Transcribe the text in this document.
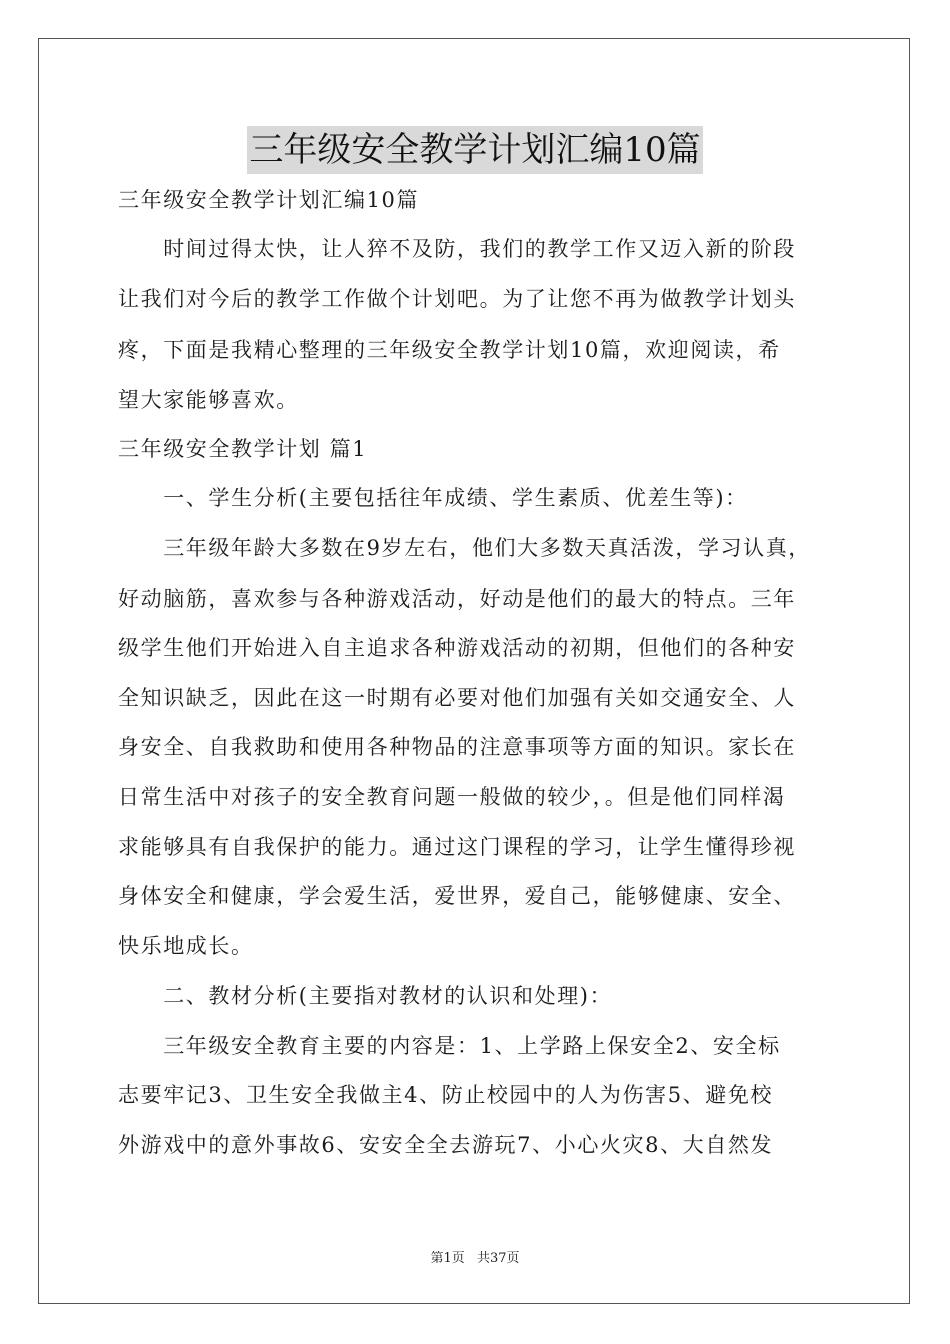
三年级安全教学计划汇编10篇
三年级安全教学计划汇编10篇
　　时间过得太快，让人猝不及防，我们的教学工作又迈入新的阶段
让我们对今后的教学工作做个计划吧。为了让您不再为做教学计划头
疼，下面是我精心整理的三年级安全教学计划10篇，欢迎阅读，希
望大家能够喜欢。
三年级安全教学计划 篇1
　　一、学生分析(主要包括往年成绩、学生素质、优差生等)：
　　三年级年龄大多数在9岁左右，他们大多数天真活泼，学习认真，
好动脑筋，喜欢参与各种游戏活动，好动是他们的最大的特点。三年
级学生他们开始进入自主追求各种游戏活动的初期，但他们的各种安
全知识缺乏，因此在这一时期有必要对他们加强有关如交通安全、人
身安全、自我救助和使用各种物品的注意事项等方面的知识。家长在
日常生活中对孩子的安全教育问题一般做的较少，。但是他们同样渴
求能够具有自我保护的能力。通过这门课程的学习，让学生懂得珍视
身体安全和健康，学会爱生活，爱世界，爱自己，能够健康、安全、
快乐地成长。
　　二、教材分析(主要指对教材的认识和处理)：
　　三年级安全教育主要的内容是：1、上学路上保安全2、安全标
志要牢记3、卫生安全我做主4、防止校园中的人为伤害5、避免校
外游戏中的意外事故6、安安全全去游玩7、小心火灾8、大自然发
第1页 共37页
